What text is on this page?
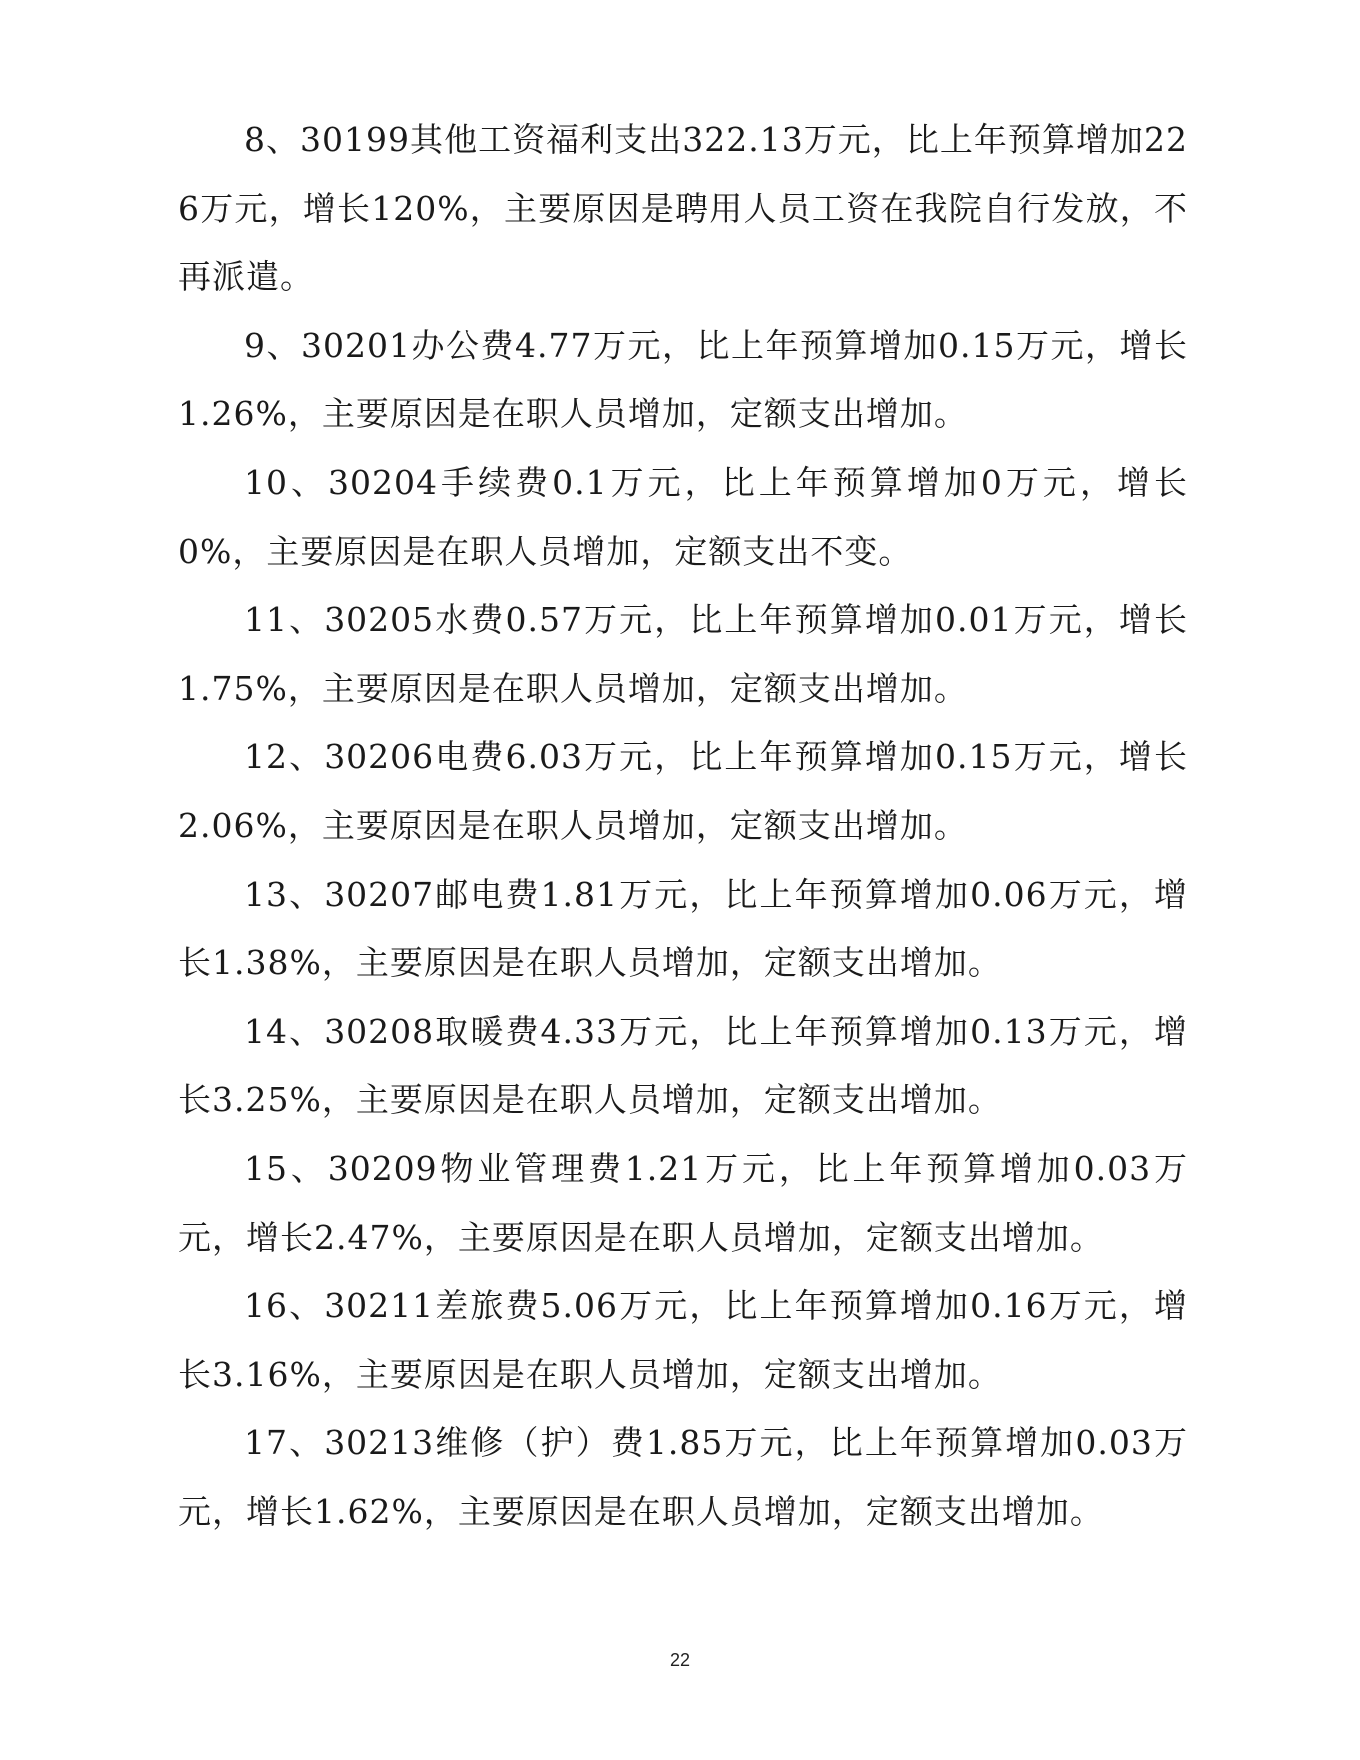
8、30199其他工资福利支出322.13万元，比上年预算增加226万元，增长120%，主要原因是聘用人员工资在我院自行发放，不再派遣。

9、30201办公费4.77万元，比上年预算增加0.15万元，增长1.26%，主要原因是在职人员增加，定额支出增加。

10、30204手续费0.1万元，比上年预算增加0万元，增长0%，主要原因是在职人员增加，定额支出不变。

11、30205水费0.57万元，比上年预算增加0.01万元，增长1.75%，主要原因是在职人员增加，定额支出增加。

12、30206电费6.03万元，比上年预算增加0.15万元，增长2.06%，主要原因是在职人员增加，定额支出增加。

13、30207邮电费1.81万元，比上年预算增加0.06万元，增长1.38%，主要原因是在职人员增加，定额支出增加。

14、30208取暖费4.33万元，比上年预算增加0.13万元，增长3.25%，主要原因是在职人员增加，定额支出增加。

15、30209物业管理费1.21万元，比上年预算增加0.03万元，增长2.47%，主要原因是在职人员增加，定额支出增加。

16、30211差旅费5.06万元，比上年预算增加0.16万元，增长3.16%，主要原因是在职人员增加，定额支出增加。

17、30213维修（护）费1.85万元，比上年预算增加0.03万元，增长1.62%，主要原因是在职人员增加，定额支出增加。

22
